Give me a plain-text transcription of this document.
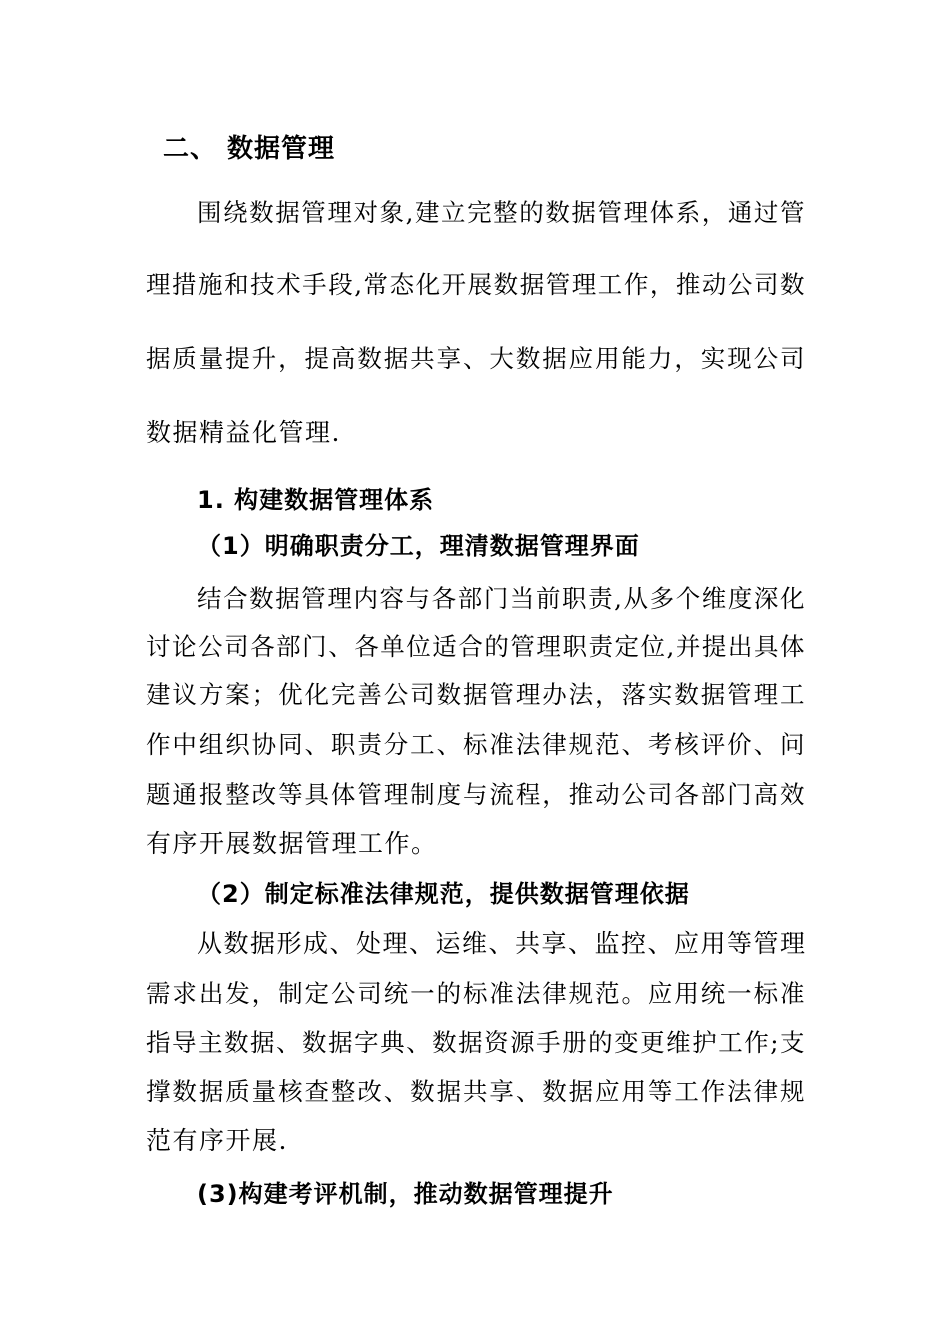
二、 数据管理
围绕数据管理对象,建立完整的数据管理体系，通过管
理措施和技术手段,常态化开展数据管理工作，推动公司数
据质量提升，提高数据共享、大数据应用能力，实现公司
数据精益化管理.
1. 构建数据管理体系
（1）明确职责分工，理清数据管理界面
结合数据管理内容与各部门当前职责,从多个维度深化
讨论公司各部门、各单位适合的管理职责定位,并提出具体
建议方案；优化完善公司数据管理办法，落实数据管理工
作中组织协同、职责分工、标准法律规范、考核评价、问
题通报整改等具体管理制度与流程，推动公司各部门高效
有序开展数据管理工作。
（2）制定标准法律规范，提供数据管理依据
从数据形成、处理、运维、共享、监控、应用等管理
需求出发，制定公司统一的标准法律规范。应用统一标准
指导主数据、数据字典、数据资源手册的变更维护工作;支
撑数据质量核查整改、数据共享、数据应用等工作法律规
范有序开展.
(3)构建考评机制，推动数据管理提升
